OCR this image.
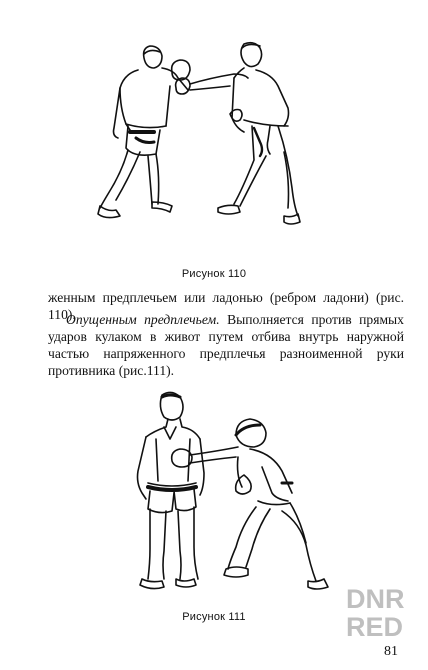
Рисунок 110

женным предплечьем или ладонью (ребром ладони) (рис. 110).

Опущенным предплечьем. Выполняется против прямых ударов кулаком в живот путем отбива внутрь наружной частью напряженного предплечья разноименной руки противника (рис.111).

Рисунок 111
DNR
RED
81
